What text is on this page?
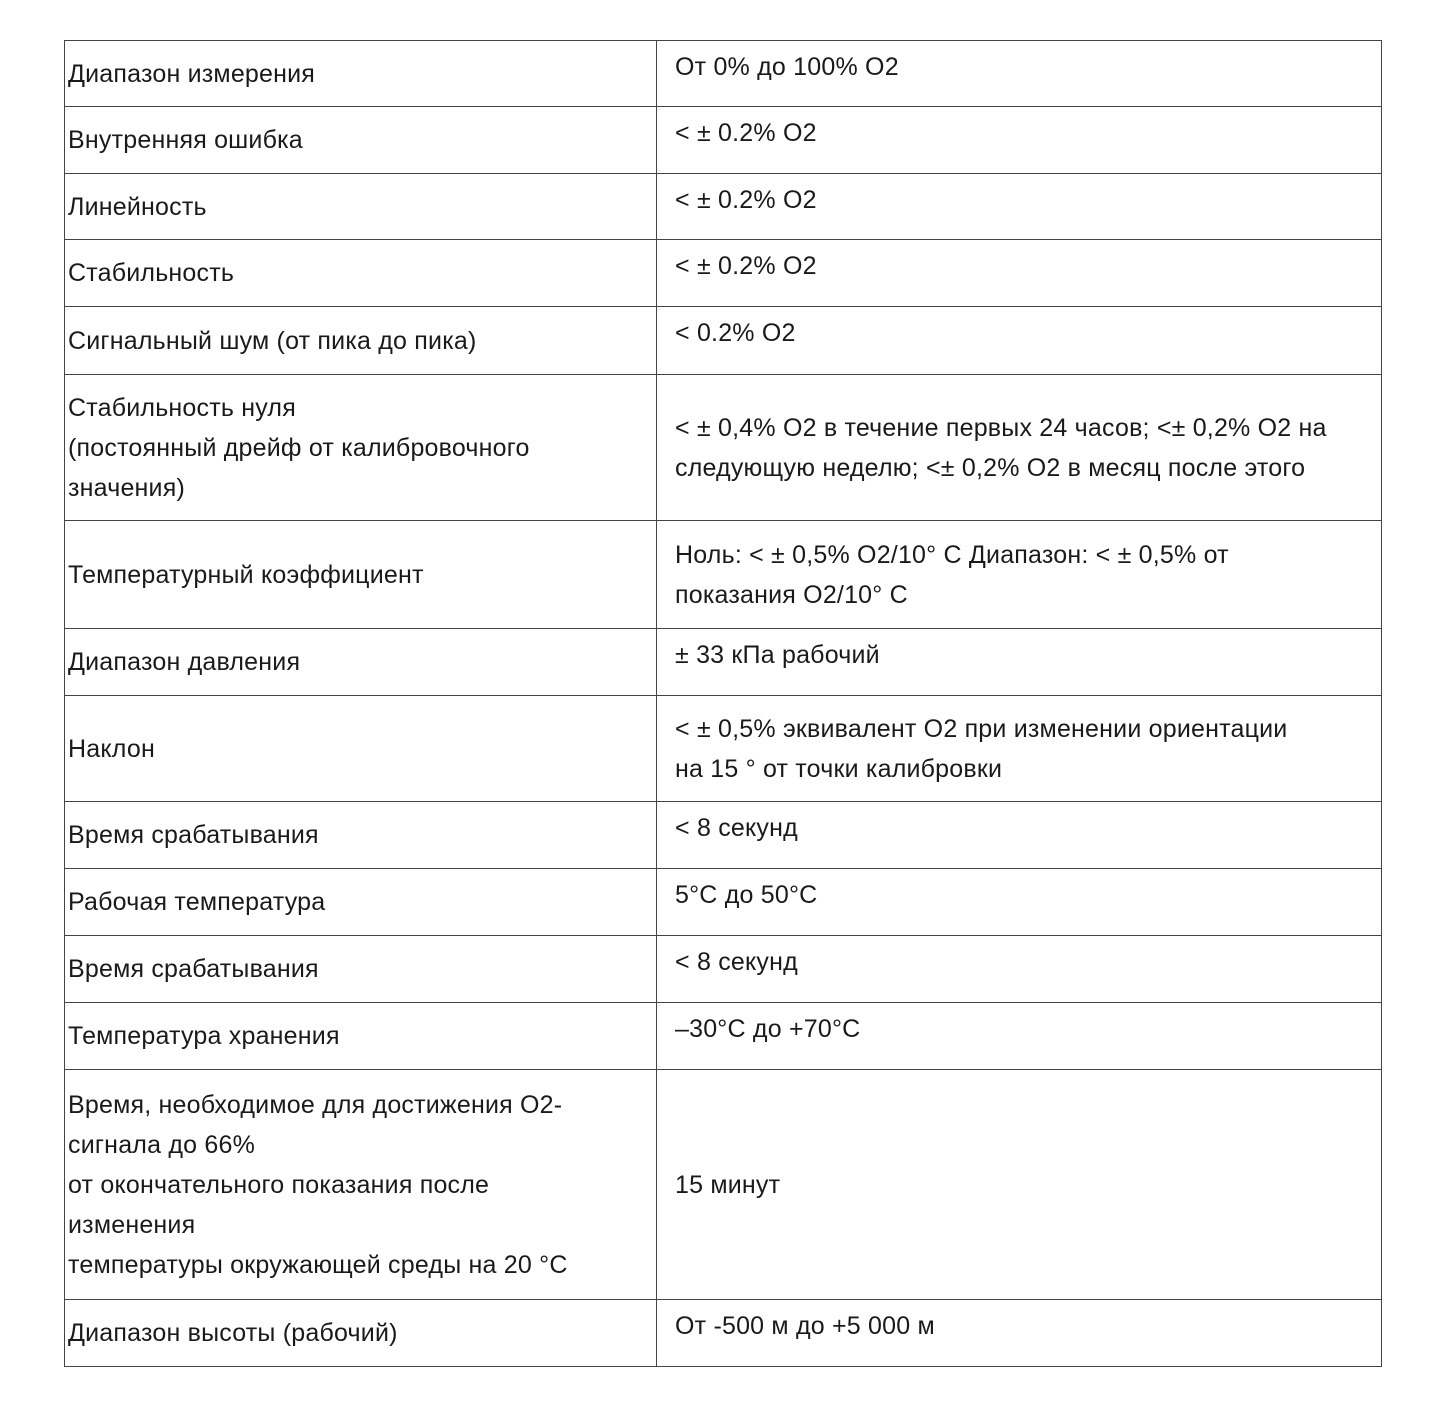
Диапазон измерения	От 0% до 100% O2

Внутренняя ошибка	< ± 0.2% O2

Линейность	< ± 0.2% O2

Стабильность	< ± 0.2% O2

Сигнальный шум (от пика до пика)	< 0.2% O2

Стабильность нуля
(постоянный дрейф от калибровочного
значения)	< ± 0,4% O2 в течение первых 24 часов; <± 0,2% O2 на
следующую неделю; <± 0,2% O2 в месяц после этого

Температурный коэффициент	Ноль: < ± 0,5% O2/10° C Диапазон: < ± 0,5% от
показания O2/10° C

Диапазон давления	± 33 кПа рабочий

Наклон	< ± 0,5% эквивалент O2 при изменении ориентации
на 15 ° от точки калибровки

Время срабатывания	< 8 секунд

Рабочая температура	5°C до 50°C

Время срабатывания	< 8 секунд

Температура хранения	–30°C до +70°C

Время, необходимое для достижения O2-
сигнала до 66%
от окончательного показания после
изменения
температуры окружающей среды на 20 °C	15 минут

Диапазон высоты (рабочий)	От -500 м до +5 000 м
